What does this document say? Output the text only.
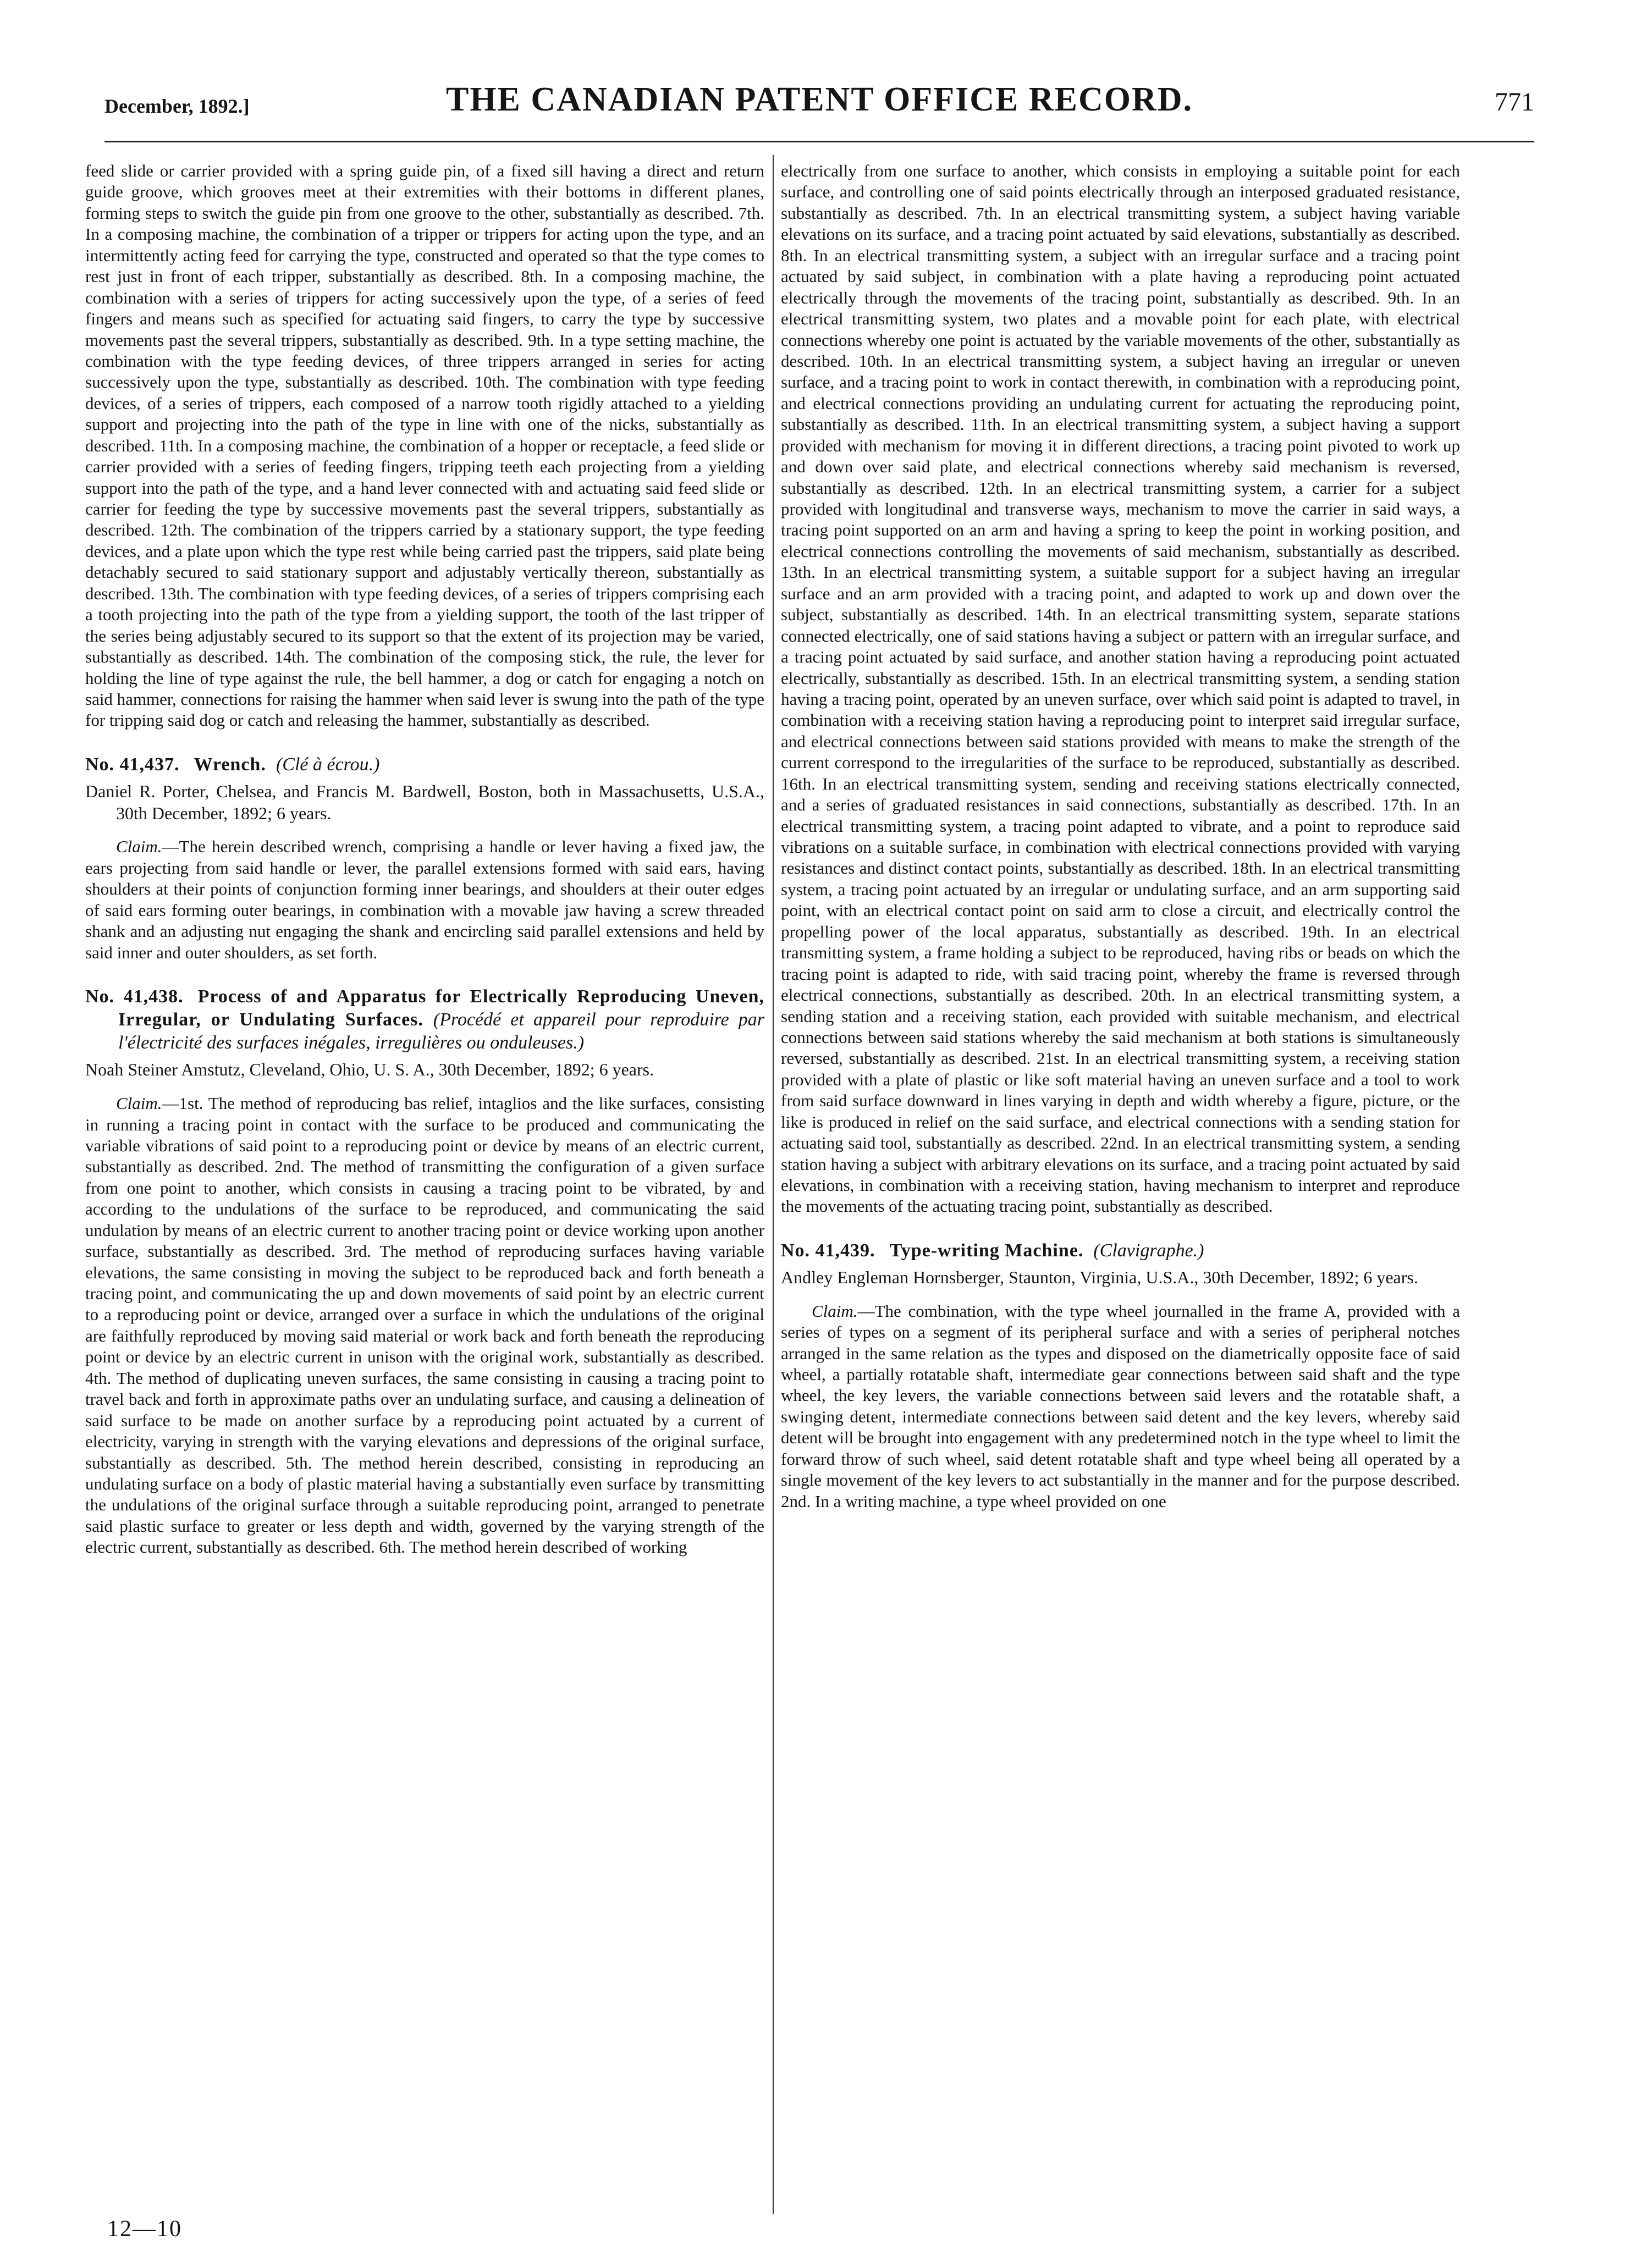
December, 1892.]	THE CANADIAN PATENT OFFICE RECORD.	771

feed slide or carrier provided with a spring guide pin, of a fixed sill having a direct and return guide groove, which grooves meet at their extremities with their bottoms in different planes, forming steps to switch the guide pin from one groove to the other, substantially as described. 7th. In a composing machine, the combination of a tripper or trippers for acting upon the type, and an intermittently acting feed for carrying the type, constructed and operated so that the type comes to rest just in front of each tripper, substantially as described. 8th. In a composing machine, the combination with a series of trippers for acting successively upon the type, of a series of feed fingers and means such as specified for actuating said fingers, to carry the type by successive movements past the several trippers, substantially as described. 9th. In a type setting machine, the combination with the type feeding devices, of three trippers arranged in series for acting successively upon the type, substantially as described. 10th. The combination with type feeding devices, of a series of trippers, each composed of a narrow tooth rigidly attached to a yielding support and projecting into the path of the type in line with one of the nicks, substantially as described. 11th. In a composing machine, the combination of a hopper or receptacle, a feed slide or carrier provided with a series of feeding fingers, tripping teeth each projecting from a yielding support into the path of the type, and a hand lever connected with and actuating said feed slide or carrier for feeding the type by successive movements past the several trippers, substantially as described. 12th. The combination of the trippers carried by a stationary support, the type feeding devices, and a plate upon which the type rest while being carried past the trippers, said plate being detachably secured to said stationary support and adjustably vertically thereon, substantially as described. 13th. The combination with type feeding devices, of a series of trippers comprising each a tooth projecting into the path of the type from a yielding support, the tooth of the last tripper of the series being adjustably secured to its support so that the extent of its projection may be varied, substantially as described. 14th. The combination of the composing stick, the rule, the lever for holding the line of type against the rule, the bell hammer, a dog or catch for engaging a notch on said hammer, connections for raising the hammer when said lever is swung into the path of the type for tripping said dog or catch and releasing the hammer, substantially as described.

No. 41,437. Wrench. (Clé à écrou.)

Daniel R. Porter, Chelsea, and Francis M. Bardwell, Boston, both in Massachusetts, U.S.A., 30th December, 1892; 6 years.

Claim.—The herein described wrench, comprising a handle or lever having a fixed jaw, the ears projecting from said handle or lever, the parallel extensions formed with said ears, having shoulders at their points of conjunction forming inner bearings, and shoulders at their outer edges of said ears forming outer bearings, in combination with a movable jaw having a screw threaded shank and an adjusting nut engaging the shank and encircling said parallel extensions and held by said inner and outer shoulders, as set forth.

No. 41,438. Process of and Apparatus for Electrically Reproducing Uneven, Irregular, or Undulating Surfaces. (Procédé et appareil pour reproduire par l'électricité des surfaces inégales, irregulières ou onduleuses.)

Noah Steiner Amstutz, Cleveland, Ohio, U. S. A., 30th December, 1892; 6 years.

Claim.—1st. The method of reproducing bas relief, intaglios and the like surfaces, consisting in running a tracing point in contact with the surface to be produced and communicating the variable vibrations of said point to a reproducing point or device by means of an electric current, substantially as described. 2nd. The method of transmitting the configuration of a given surface from one point to another, which consists in causing a tracing point to be vibrated, by and according to the undulations of the surface to be reproduced, and communicating the said undulation by means of an electric current to another tracing point or device working upon another surface, substantially as described. 3rd. The method of reproducing surfaces having variable elevations, the same consisting in moving the subject to be reproduced back and forth beneath a tracing point, and communicating the up and down movements of said point by an electric current to a reproducing point or device, arranged over a surface in which the undulations of the original are faithfully reproduced by moving said material or work back and forth beneath the reproducing point or device by an electric current in unison with the original work, substantially as described. 4th. The method of duplicating uneven surfaces, the same consisting in causing a tracing point to travel back and forth in approximate paths over an undulating surface, and causing a delineation of said surface to be made on another surface by a reproducing point actuated by a current of electricity, varying in strength with the varying elevations and depressions of the original surface, substantially as described. 5th. The method herein described, consisting in reproducing an undulating surface on a body of plastic material having a substantially even surface by transmitting the undulations of the original surface through a suitable reproducing point, arranged to penetrate said plastic surface to greater or less depth and width, governed by the varying strength of the electric current, substantially as described. 6th. The method herein described of working

electrically from one surface to another, which consists in employing a suitable point for each surface, and controlling one of said points electrically through an interposed graduated resistance, substantially as described. 7th. In an electrical transmitting system, a subject having variable elevations on its surface, and a tracing point actuated by said elevations, substantially as described. 8th. In an electrical transmitting system, a subject with an irregular surface and a tracing point actuated by said subject, in combination with a plate having a reproducing point actuated electrically through the movements of the tracing point, substantially as described. 9th. In an electrical transmitting system, two plates and a movable point for each plate, with electrical connections whereby one point is actuated by the variable movements of the other, substantially as described. 10th. In an electrical transmitting system, a subject having an irregular or uneven surface, and a tracing point to work in contact therewith, in combination with a reproducing point, and electrical connections providing an undulating current for actuating the reproducing point, substantially as described. 11th. In an electrical transmitting system, a subject having a support provided with mechanism for moving it in different directions, a tracing point pivoted to work up and down over said plate, and electrical connections whereby said mechanism is reversed, substantially as described. 12th. In an electrical transmitting system, a carrier for a subject provided with longitudinal and transverse ways, mechanism to move the carrier in said ways, a tracing point supported on an arm and having a spring to keep the point in working position, and electrical connections controlling the movements of said mechanism, substantially as described. 13th. In an electrical transmitting system, a suitable support for a subject having an irregular surface and an arm provided with a tracing point, and adapted to work up and down over the subject, substantially as described. 14th. In an electrical transmitting system, separate stations connected electrically, one of said stations having a subject or pattern with an irregular surface, and a tracing point actuated by said surface, and another station having a reproducing point actuated electrically, substantially as described. 15th. In an electrical transmitting system, a sending station having a tracing point, operated by an uneven surface, over which said point is adapted to travel, in combination with a receiving station having a reproducing point to interpret said irregular surface, and electrical connections between said stations provided with means to make the strength of the current correspond to the irregularities of the surface to be reproduced, substantially as described. 16th. In an electrical transmitting system, sending and receiving stations electrically connected, and a series of graduated resistances in said connections, substantially as described. 17th. In an electrical transmitting system, a tracing point adapted to vibrate, and a point to reproduce said vibrations on a suitable surface, in combination with electrical connections provided with varying resistances and distinct contact points, substantially as described. 18th. In an electrical transmitting system, a tracing point actuated by an irregular or undulating surface, and an arm supporting said point, with an electrical contact point on said arm to close a circuit, and electrically control the propelling power of the local apparatus, substantially as described. 19th. In an electrical transmitting system, a frame holding a subject to be reproduced, having ribs or beads on which the tracing point is adapted to ride, with said tracing point, whereby the frame is reversed through electrical connections, substantially as described. 20th. In an electrical transmitting system, a sending station and a receiving station, each provided with suitable mechanism, and electrical connections between said stations whereby the said mechanism at both stations is simultaneously reversed, substantially as described. 21st. In an electrical transmitting system, a receiving station provided with a plate of plastic or like soft material having an uneven surface and a tool to work from said surface downward in lines varying in depth and width whereby a figure, picture, or the like is produced in relief on the said surface, and electrical connections with a sending station for actuating said tool, substantially as described. 22nd. In an electrical transmitting system, a sending station having a subject with arbitrary elevations on its surface, and a tracing point actuated by said elevations, in combination with a receiving station, having mechanism to interpret and reproduce the movements of the actuating tracing point, substantially as described.

No. 41,439. Type-writing Machine. (Clavigraphe.)

Andley Engleman Hornsberger, Staunton, Virginia, U.S.A., 30th December, 1892; 6 years.

Claim.—The combination, with the type wheel journalled in the frame A, provided with a series of types on a segment of its peripheral surface and with a series of peripheral notches arranged in the same relation as the types and disposed on the diametrically opposite face of said wheel, a partially rotatable shaft, intermediate gear connections between said shaft and the type wheel, the key levers, the variable connections between said levers and the rotatable shaft, a swinging detent, intermediate connections between said detent and the key levers, whereby said detent will be brought into engagement with any predetermined notch in the type wheel to limit the forward throw of such wheel, said detent rotatable shaft and type wheel being all operated by a single movement of the key levers to act substantially in the manner and for the purpose described. 2nd. In a writing machine, a type wheel provided on one

12—10
